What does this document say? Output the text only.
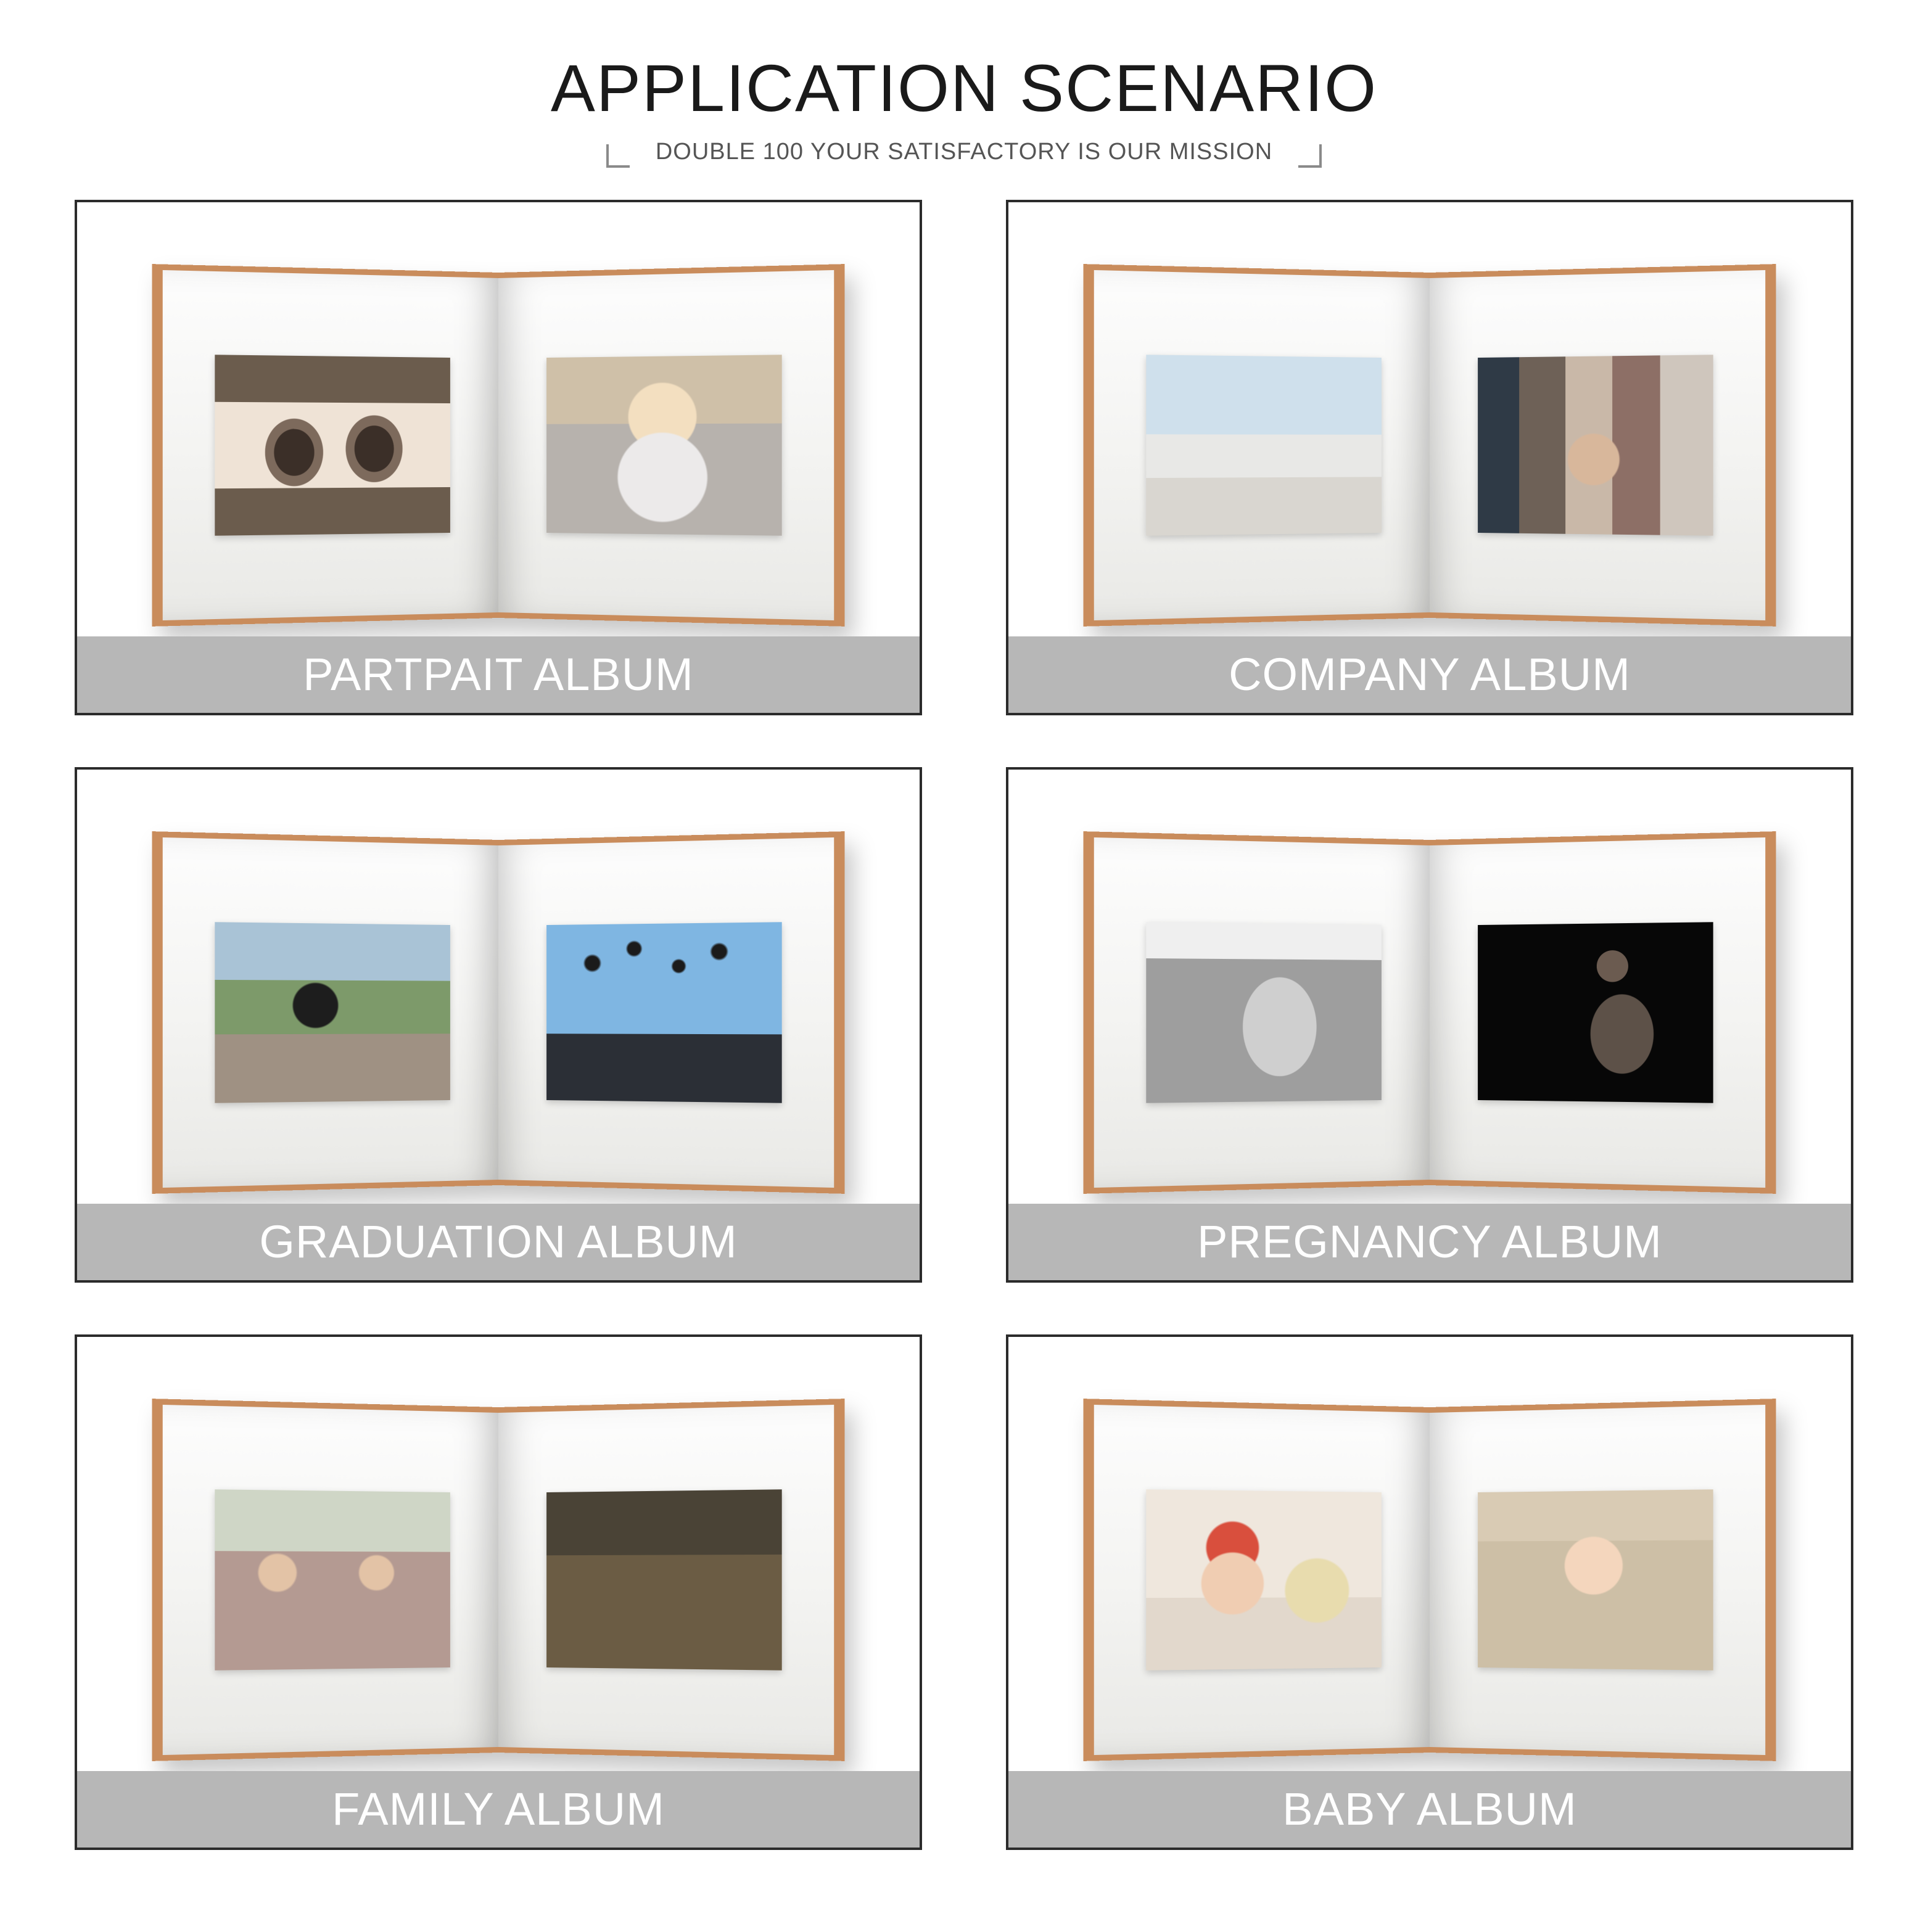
APPLICATION SCENARIO
DOUBLE 100 YOUR SATISFACTORY IS OUR MISSION
PARTPAIT ALBUM	COMPANY ALBUM
GRADUATION ALBUM	PREGNANCY ALBUM
FAMILY ALBUM	BABY ALBUM
